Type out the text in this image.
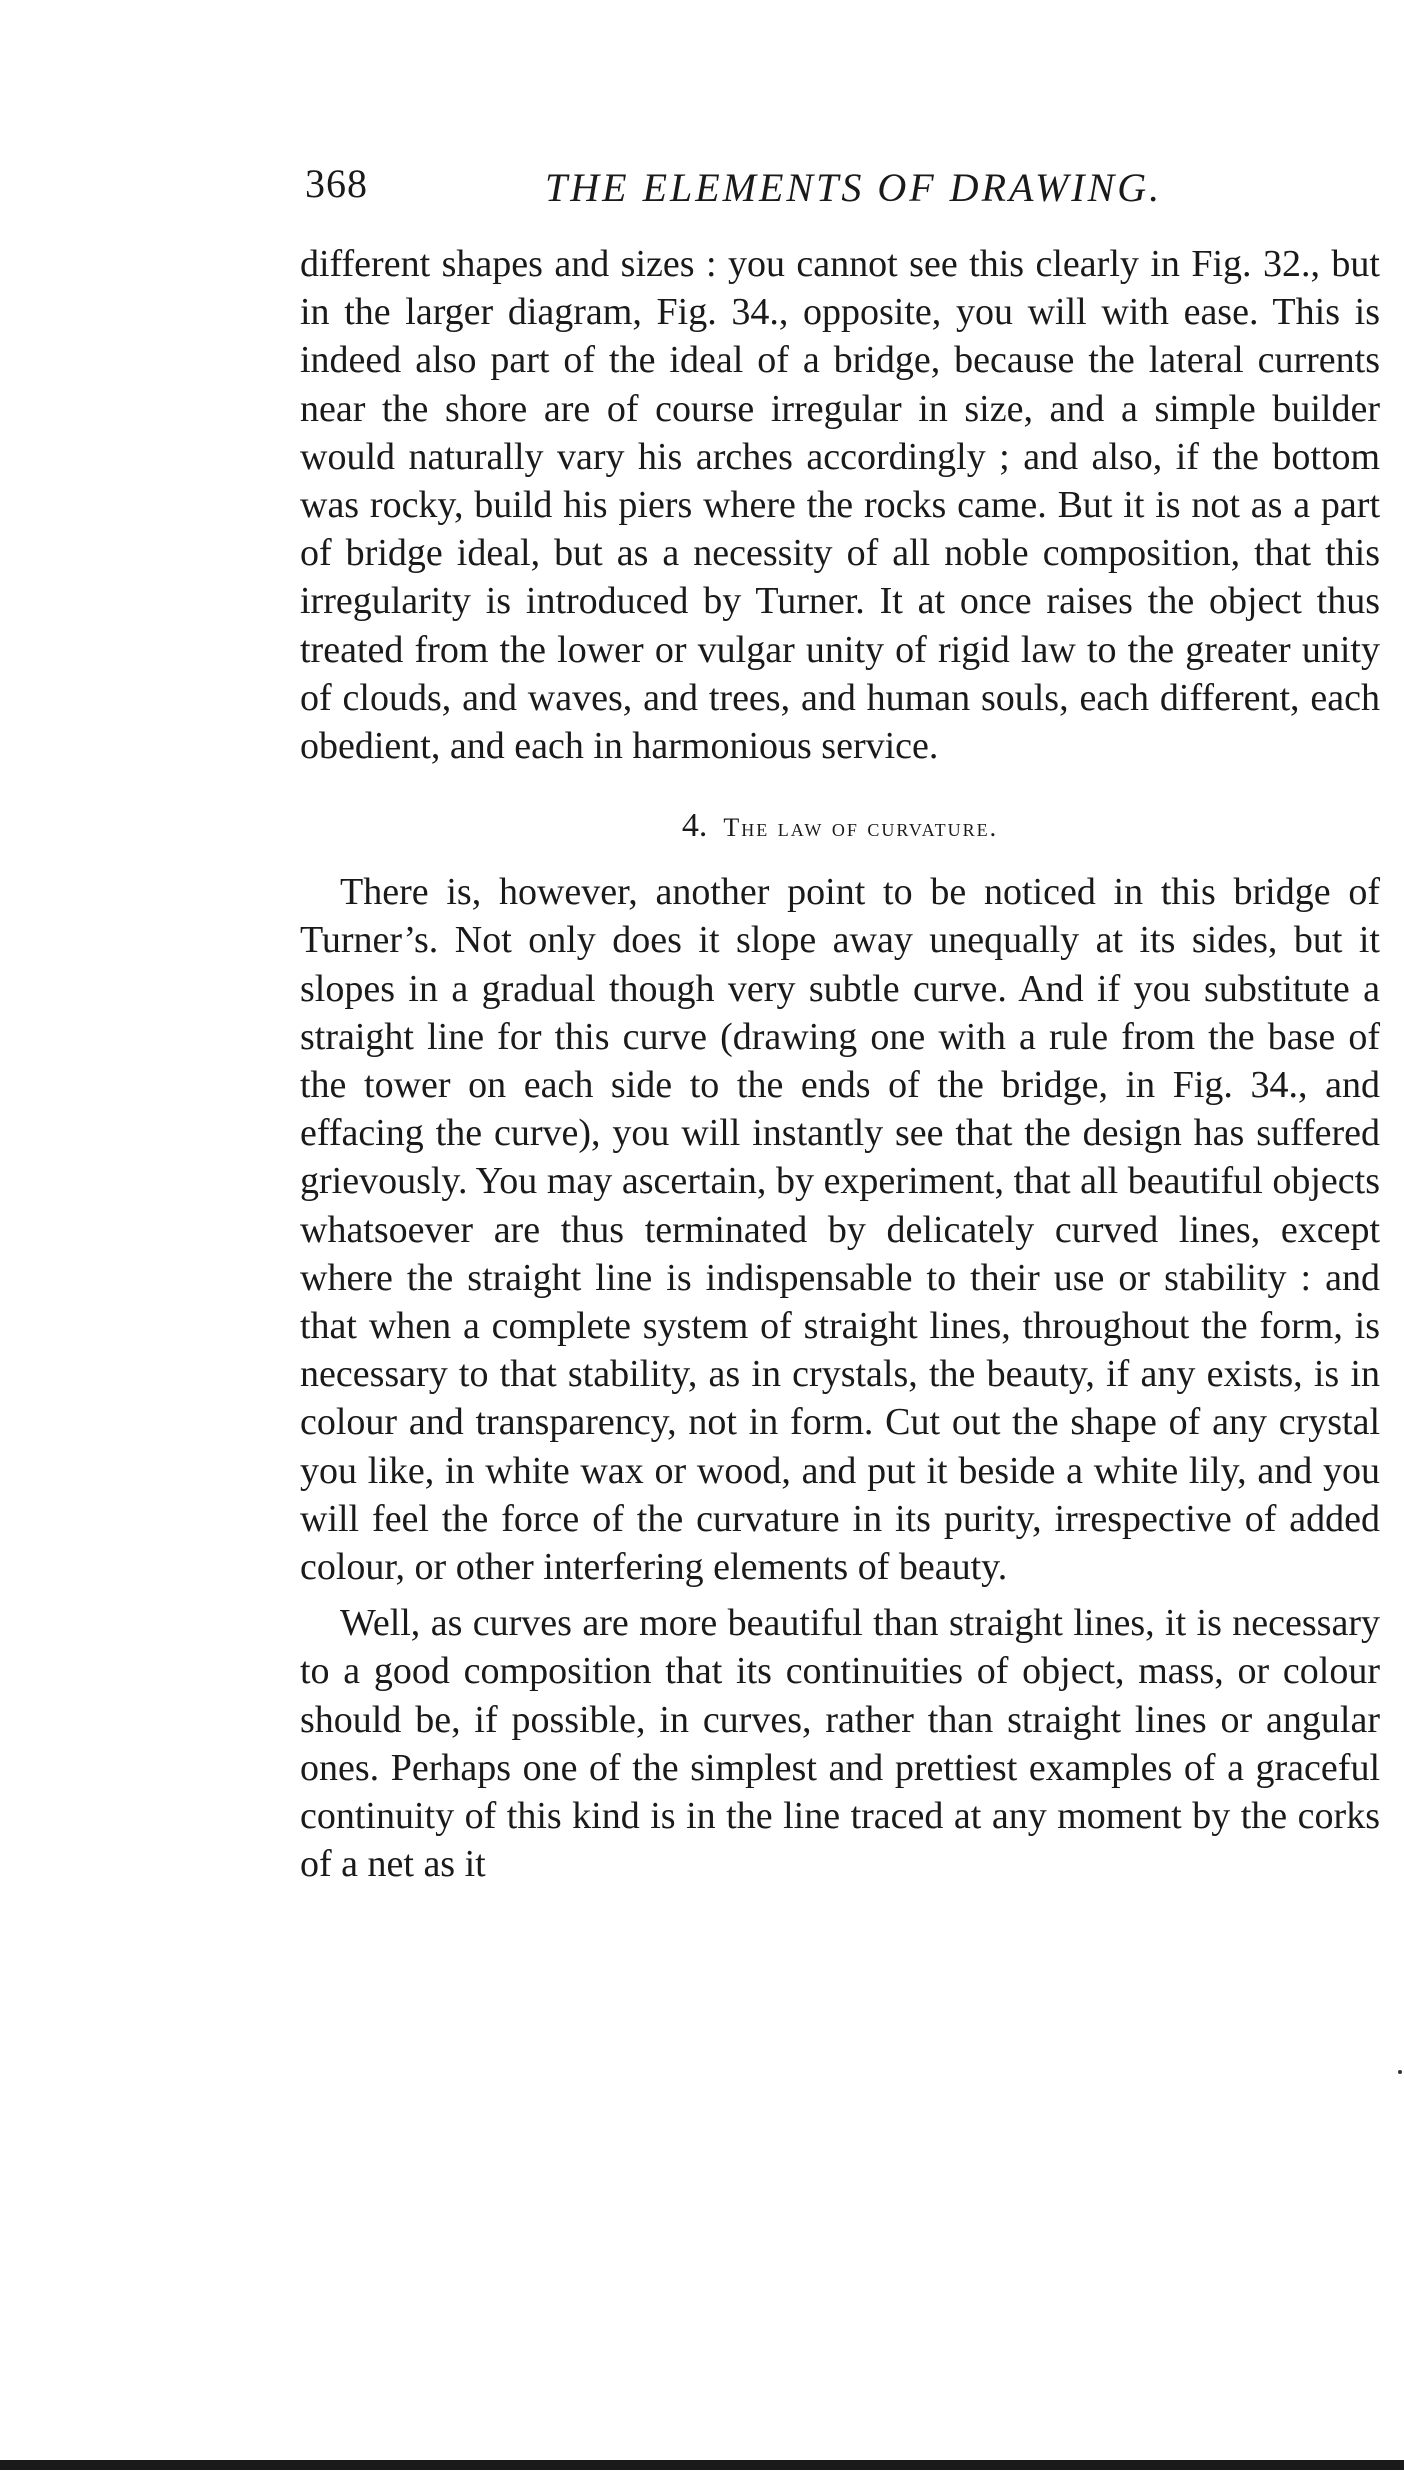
368	THE ELEMENTS OF DRAWING.

different shapes and sizes : you cannot see this clearly in Fig. 32., but in the larger diagram, Fig. 34., opposite, you will with ease. This is indeed also part of the ideal of a bridge, because the lateral currents near the shore are of course irregular in size, and a simple builder would naturally vary his arches accordingly ; and also, if the bottom was rocky, build his piers where the rocks came. But it is not as a part of bridge ideal, but as a necessity of all noble composition, that this irregularity is introduced by Turner. It at once raises the object thus treated from the lower or vulgar unity of rigid law to the greater unity of clouds, and waves, and trees, and human souls, each different, each obedient, and each in harmonious service.

4. The law of curvature.

There is, however, another point to be noticed in this bridge of Turner’s. Not only does it slope away unequally at its sides, but it slopes in a gradual though very subtle curve. And if you substitute a straight line for this curve (drawing one with a rule from the base of the tower on each side to the ends of the bridge, in Fig. 34., and effacing the curve), you will instantly see that the design has suffered grievously. You may ascertain, by experiment, that all beautiful objects whatsoever are thus terminated by delicately curved lines, except where the straight line is indispensable to their use or stability : and that when a complete system of straight lines, throughout the form, is necessary to that stability, as in crystals, the beauty, if any exists, is in colour and transparency, not in form. Cut out the shape of any crystal you like, in white wax or wood, and put it beside a white lily, and you will feel the force of the curvature in its purity, irrespective of added colour, or other interfering elements of beauty.

Well, as curves are more beautiful than straight lines, it is necessary to a good composition that its continuities of object, mass, or colour should be, if possible, in curves, rather than straight lines or angular ones. Perhaps one of the simplest and prettiest examples of a graceful continuity of this kind is in the line traced at any moment by the corks of a net as it
